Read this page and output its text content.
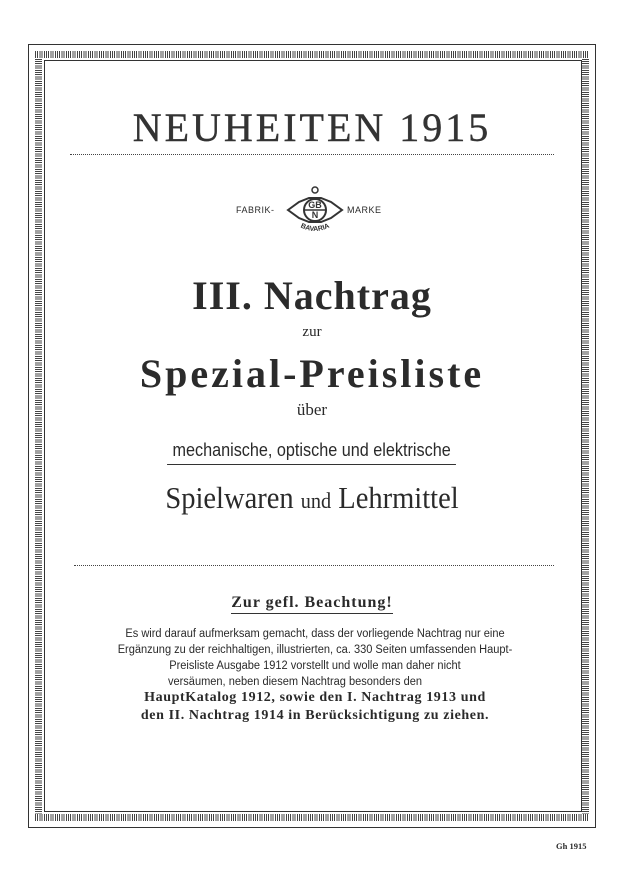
NEUHEITEN 1915
FABRIK-	MARKE
GB
N
BAVARIA
III. Nachtrag
zur
Spezial-Preisliste
über
mechanische, optische und elektrische
Spielwaren und Lehrmittel
Zur gefl. Beachtung!
Es wird darauf aufmerksam gemacht, dass der vorliegende Nachtrag nur eine
Ergänzung zu der reichhaltigen, illustrierten, ca. 330 Seiten umfassenden Haupt-
Preisliste Ausgabe 1912 vorstellt und wolle man daher nicht
versäumen, neben diesem Nachtrag besonders den
HauptKatalog 1912, sowie den I. Nachtrag 1913 und
den II. Nachtrag 1914 in Berücksichtigung zu ziehen.
Gh 1915
